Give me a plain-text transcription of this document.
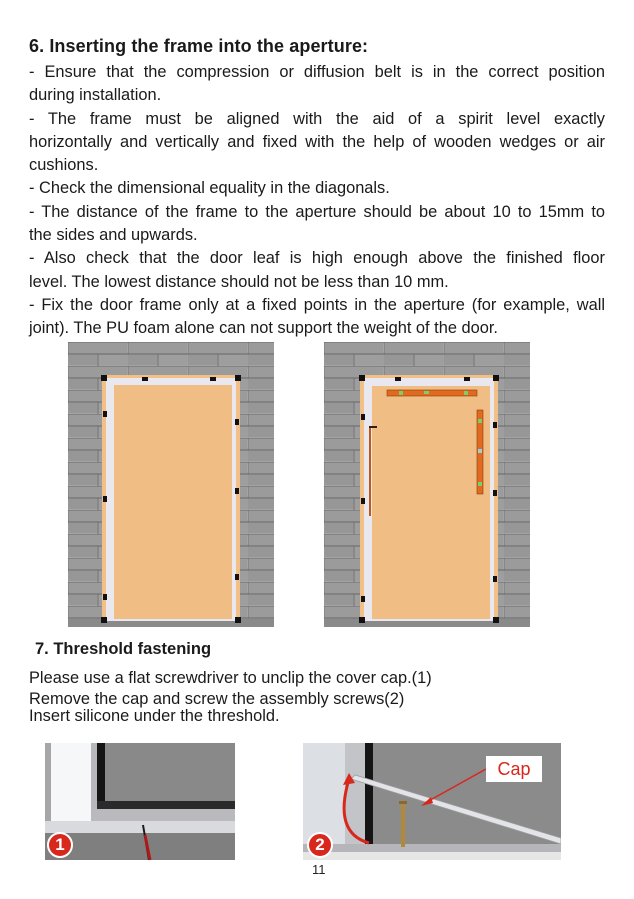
6. Inserting the frame into the aperture:
- Ensure that the compression or diffusion belt is in the correct position
during installation.
- The frame must be aligned with the aid of a spirit level exactly
horizontally and vertically and fixed with the help of wooden wedges or air
cushions.
- Check the dimensional equality in the diagonals.
- The distance of the frame to the aperture should be about 10 to 15mm to
the sides and upwards.
- Also check that the door leaf is high enough above the finished floor
level. The lowest distance should not be less than 10 mm.
- Fix the door frame only at a fixed points in the aperture (for example, wall
joint). The PU foam alone can not support the weight of the door.
7. Threshold fastening
Please use a flat screwdriver to unclip the cover cap.(1)
Remove the cap and screw the assembly screws(2)
Insert silicone under the threshold.
1	2
Cap
11
